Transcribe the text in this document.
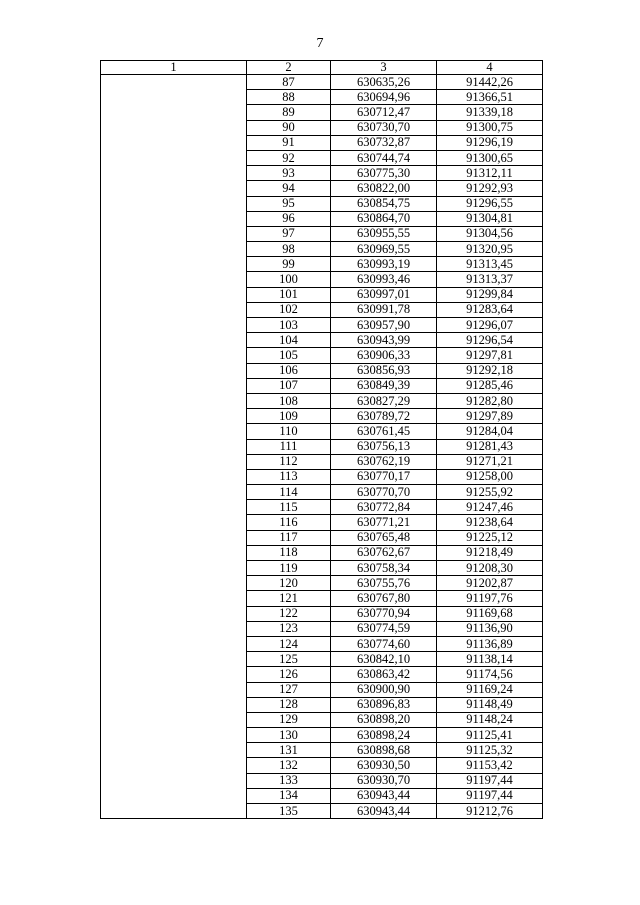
7
1	2	3	4
	87	630635,26	91442,26
	88	630694,96	91366,51
	89	630712,47	91339,18
	90	630730,70	91300,75
	91	630732,87	91296,19
	92	630744,74	91300,65
	93	630775,30	91312,11
	94	630822,00	91292,93
	95	630854,75	91296,55
	96	630864,70	91304,81
	97	630955,55	91304,56
	98	630969,55	91320,95
	99	630993,19	91313,45
	100	630993,46	91313,37
	101	630997,01	91299,84
	102	630991,78	91283,64
	103	630957,90	91296,07
	104	630943,99	91296,54
	105	630906,33	91297,81
	106	630856,93	91292,18
	107	630849,39	91285,46
	108	630827,29	91282,80
	109	630789,72	91297,89
	110	630761,45	91284,04
	111	630756,13	91281,43
	112	630762,19	91271,21
	113	630770,17	91258,00
	114	630770,70	91255,92
	115	630772,84	91247,46
	116	630771,21	91238,64
	117	630765,48	91225,12
	118	630762,67	91218,49
	119	630758,34	91208,30
	120	630755,76	91202,87
	121	630767,80	91197,76
	122	630770,94	91169,68
	123	630774,59	91136,90
	124	630774,60	91136,89
	125	630842,10	91138,14
	126	630863,42	91174,56
	127	630900,90	91169,24
	128	630896,83	91148,49
	129	630898,20	91148,24
	130	630898,24	91125,41
	131	630898,68	91125,32
	132	630930,50	91153,42
	133	630930,70	91197,44
	134	630943,44	91197,44
	135	630943,44	91212,76
